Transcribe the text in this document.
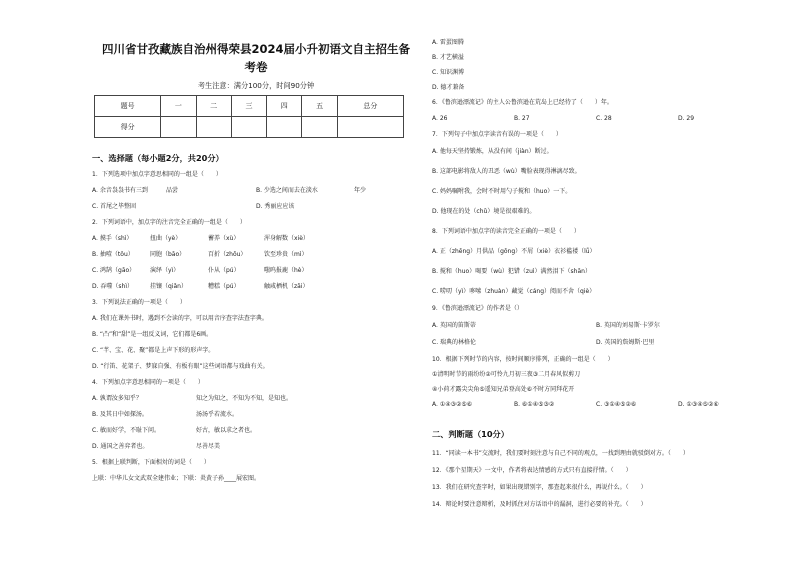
四川省甘孜藏族自治州得荣县2024届小升初语文自主招生备
考卷
考生注意：满分100分，时间90分钟
题号	一	二	三	四	五	总分
得分						
一、选择题（每小题2分，共20分）
1．下列选项中加点字意思相同的一组是（　　）
A. 余音袅袅书有三到	品尝	B. 少选之间而去在淡水	年少
C. 首尾之毕整固	D. 秀丽应应该
2．下列词语中，加点字的注音完全正确的一组是（　　）
A. 摸手（shì）	扭曲（yè）	蓄养（xù）	浑身解数（xiè）
B. 抽噎（tǒu）	同胞（bāo）	百折（zhōu）	饮至珍贵（mì）
C. 鸿鹄（gāo）	演绎（yì）	仆从（pú）	嗤呜报鹿（hè）
D. 吞噬（shì）	挂镶（qiǎn）	糟糕（pú）	触咸栖机（zāi）
3．下列说法正确的一项是（　　）
A. 我们在课外书时，遇到不会读的字，可以用音序查字法查字典。
B. “凸”和“甜”是一组反义词，它们都是6画。
C. “芊、宝、花、聚”都是上声下形的形声字。
D. “行笛、花架子、梦寐自强、有板有眼”这些词语都与戏曲有关。
4．下列加点字意思相同的一项是（　　）
A. 孰谓汝多知乎？	知之为知之，不知为不知，是知也。
B. 及其日中如探汤。	汤汤乎若流水。
C. 敏而好学，不耻下问。	好古，敏以求之者也。
D. 通国之善弈者也。	尽善尽美
5．根据上联判断，下面相対的词是（　　）
上联：中华儿女文武双全建伟业；下联：炎黄子孙____展宏图。
A. 雷蛋图腾
B. 才艺横溢
C. 知识渊博
D. 德才兼备
6．《鲁滨逊漂流记》的主人公鲁滨逊在荒岛上已经待了（　　）年。
A. 26	B. 27	C. 28	D. 29
7．下列句子中加点字读音有误的一项是（　　）
A. 他每天坚持锻炼，从没有间（jiàn）断过。
B. 这部电影将敌人的丑恶（wù）嘴脸表现得淋漓尽致。
C. 妈妈嘱咐我，会时不时用勺子搅和（huo）一下。
D. 他现在的处（chǔ）境是很艰难的。
8．下列词语中加点字的读音完全正确的一项是（　　）
A. 正（zhēng）月供品（gōng）不屑（xiè）衣衫褴褛（lǚ）
B. 搅和（huo）喝要（wù）犯错（zuì）满然泪下（shān）
C. 唠叨（yì）哆嗦（zhuàn）藏觉（cáng）阅而不舍（qiè）
9．《鲁滨逊漂流记》的作者是（）
A. 英国的笛斯蒂	B. 英国的刘易斯·卡罗尔
C. 瑞典的林格伦	D. 英国的詹姆斯·巴里
10．根据下列时节的内容，按时间顺序排列，正确的一组是（　　）
①清明时节的雨纷纷②可怜九月初三夜③二月春风似剪刀
④小荷才露尖尖角⑤遥知兄弟登高处⑥不时方同拜花开
A. ①④③②⑤⑥	B. ⑥①④⑤③②	C. ③①④⑤②⑥	D. ①③④⑤②⑥
二、判断题（10分）
11．“同读一本书”交流时，我们要时刻注意与自己不同的观点，一找到理由就驳倒对方。（　　）
12．《那个星期天》一文中，作者将表达情感的方式只有直接抒情。（　　）
13．我们在研究查字时，如果出现错别字，那查起来很什么，再说什么。（　　）
14．辩论时要注意辩析，及时抓住对方话语中的漏洞，进行必要的补充。（　　）
